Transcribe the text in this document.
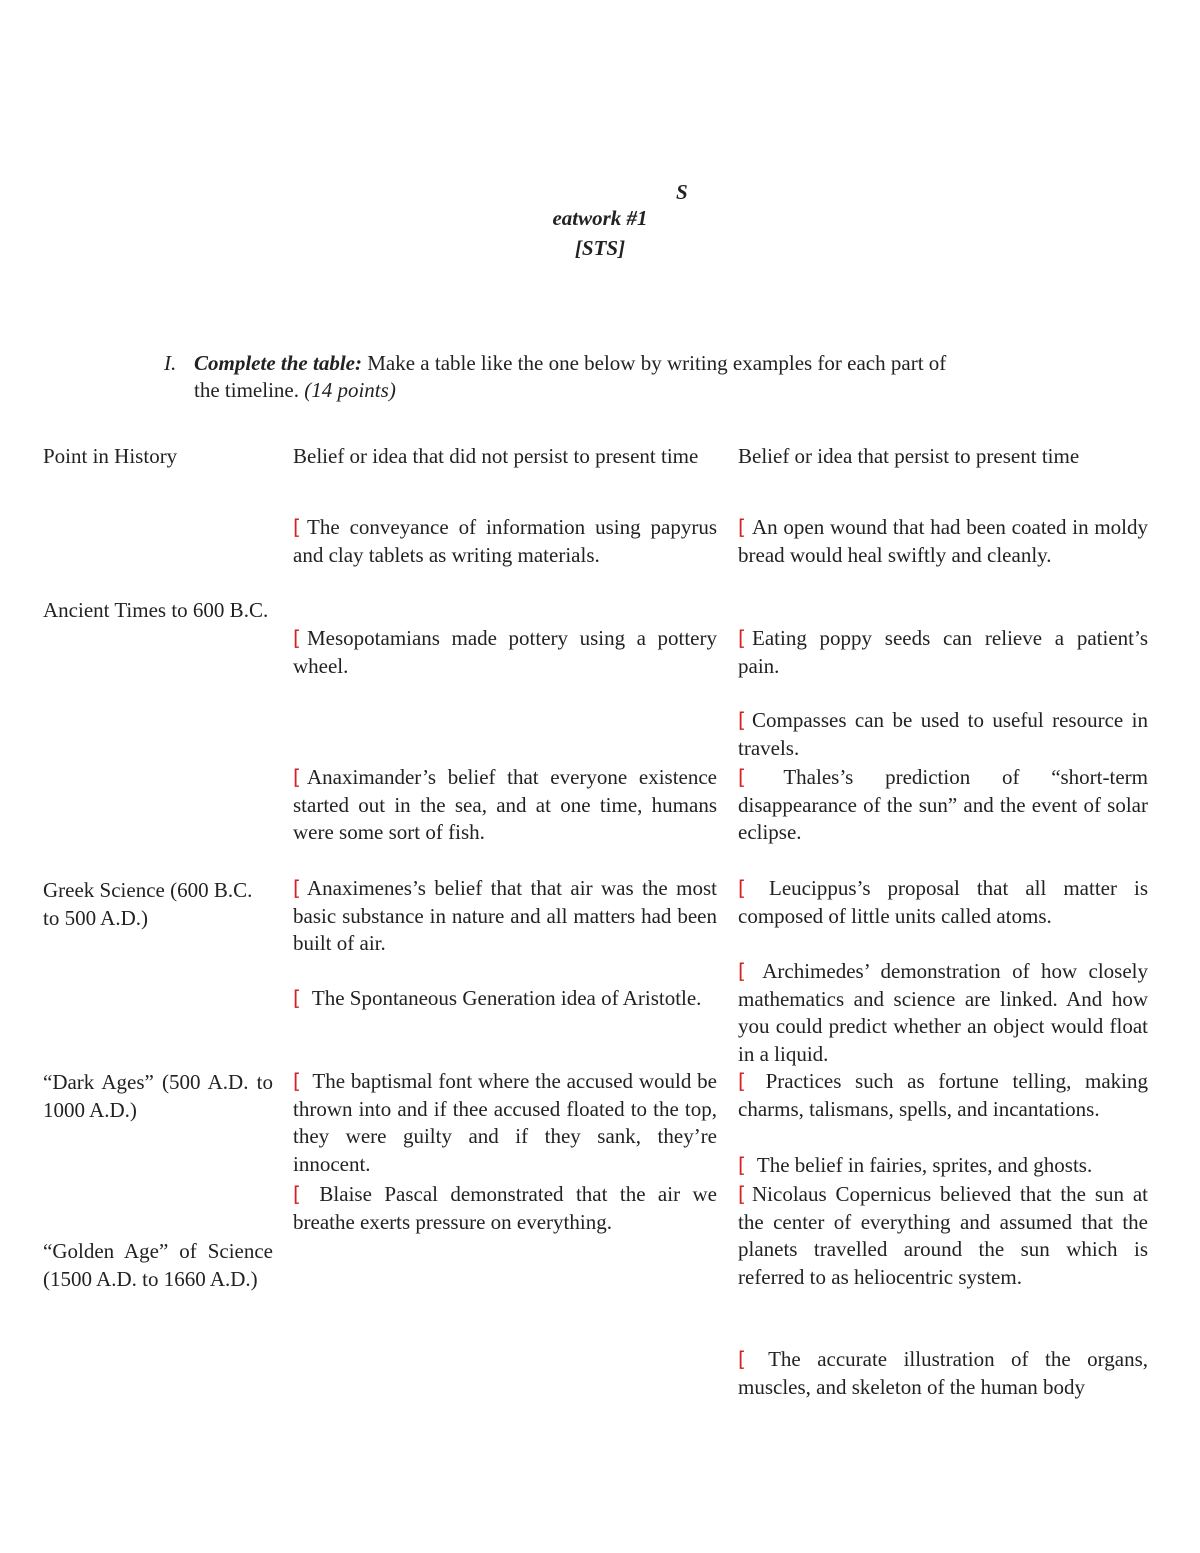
S
eatwork #1
[STS]
I. Complete the table: Make a table like the one below by writing examples for each part of
the timeline. (14 points)
Point in History	Belief or idea that did not persist to present time	Belief or idea that persist to present time
Ancient Times to 600 B.C.
Greek Science (600 B.C. to 500 A.D.)
“Dark Ages” (500 A.D. to 1000 A.D.)
“Golden Age” of Science (1500 A.D. to 1660 A.D.)
[ The conveyance of information using papyrus and clay tablets as writing materials.
[ Mesopotamians made pottery using a pottery wheel.
[ Anaximander’s belief that everyone existence started out in the sea, and at one time, humans were some sort of fish.
[ Anaximenes’s belief that that air was the most basic substance in nature and all matters had been built of air.
[ The Spontaneous Generation idea of Aristotle.
[ The baptismal font where the accused would be thrown into and if thee accused floated to the top, they were guilty and if they sank, they’re innocent.
[ Blaise Pascal demonstrated that the air we breathe exerts pressure on everything.
[ An open wound that had been coated in moldy bread would heal swiftly and cleanly.
[ Eating poppy seeds can relieve a patient’s pain.
[ Compasses can be used to useful resource in travels.
[ Thales’s prediction of “short-term disappearance of the sun” and the event of solar eclipse.
[ Leucippus’s proposal that all matter is composed of little units called atoms.
[ Archimedes’ demonstration of how closely mathematics and science are linked. And how you could predict whether an object would float in a liquid.
[ Practices such as fortune telling, making charms, talismans, spells, and incantations.
[ The belief in fairies, sprites, and ghosts.
[ Nicolaus Copernicus believed that the sun at the center of everything and assumed that the planets travelled around the sun which is referred to as heliocentric system.
[ The accurate illustration of the organs, muscles, and skeleton of the human body
